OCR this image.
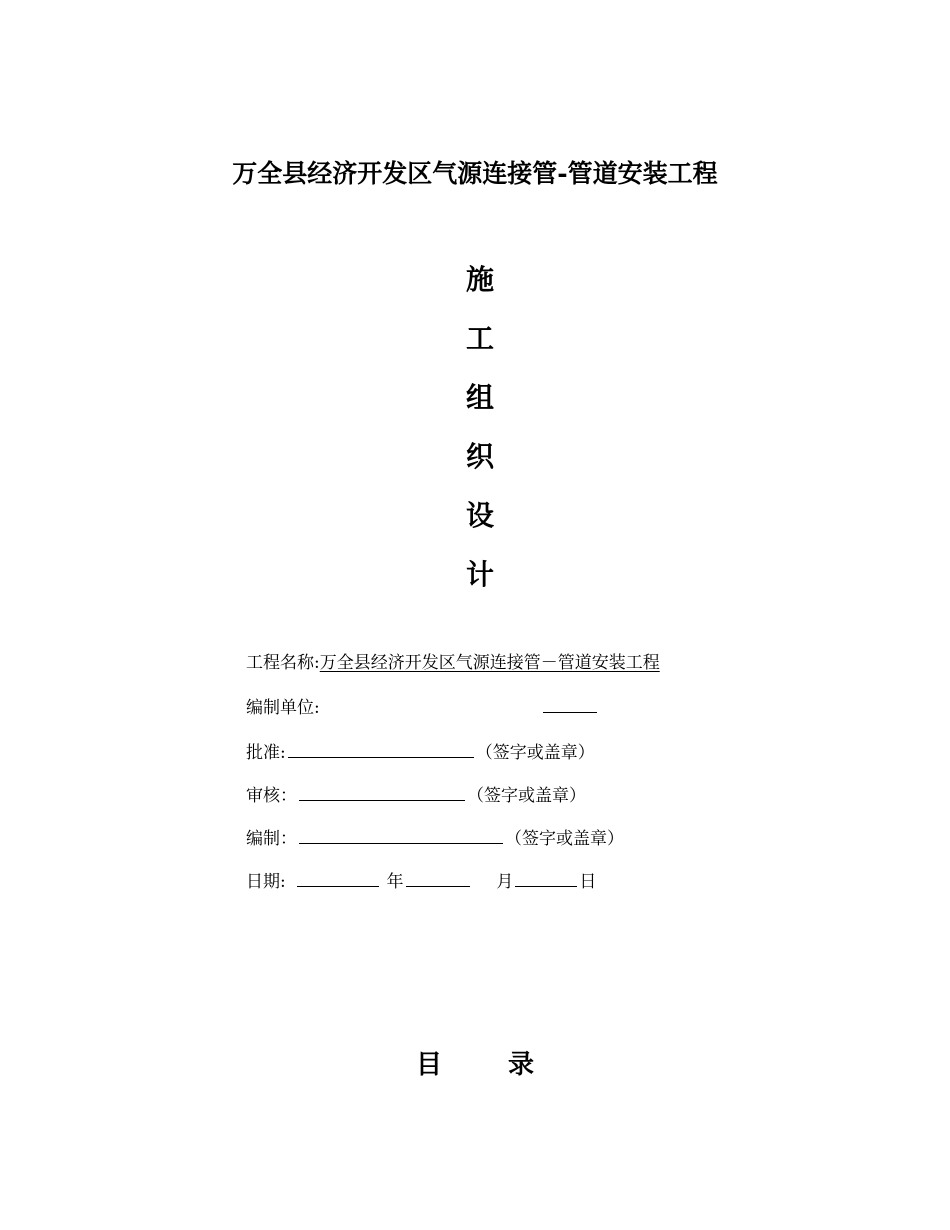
万全县经济开发区气源连接管-管道安装工程
施
工
组
织
设
计
工程名称:万全县经济开发区气源连接管－管道安装工程
编制单位:
批准:	（签字或盖章）
审核：	（签字或盖章）
编制：	（签字或盖章）
日期:	年	月	日
目	录
